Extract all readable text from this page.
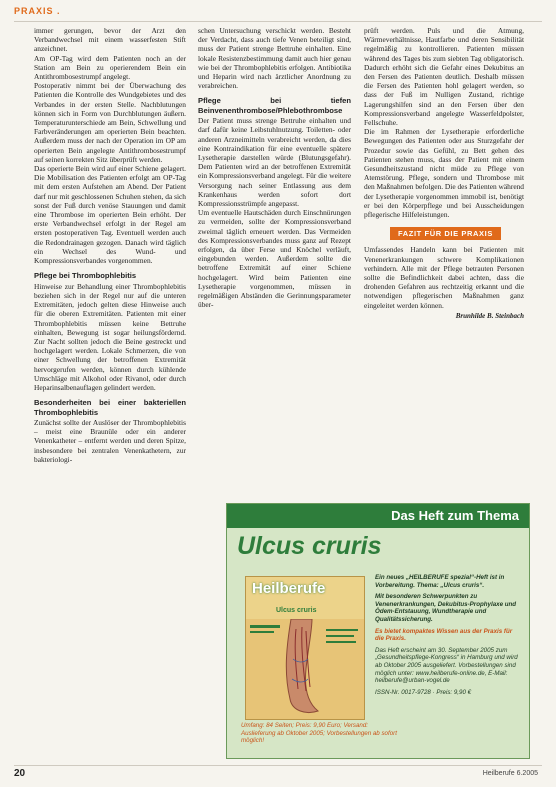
PRAXIS .

immer gerungen, bevor der Arzt den Verbandwechsel mit einem wasserfesten Stift anzeichnet.

Am OP-Tag wird dem Patienten noch an der Station am Bein zu operierendem Bein ein Antithrombosestrumpf angelegt.

Postoperativ nimmt bei der Überwachung des Patienten die Kontrolle des Wundgebietes und des Verbandes in der ersten Stelle. Nachblutungen können sich in Form von Durchblutungen äußern. Temperaturunterschiede am Bein, Schwellung und Farbveränderungen am operierten Bein beachten. Außerdem muss der nach der Operation im OP am operierten Bein angelegte Antithrombosestrumpf auf seinen korrekten Sitz überprüft werden.

Das operierte Bein wird auf einer Schiene gelagert. Die Mobilisation des Patienten erfolgt am OP-Tag mit dem ersten Aufstehen am Abend. Der Patient darf nur mit geschlossenen Schuhen stehen, da sich sonst der Fuß durch venöse Stauungen und damit eine Thrombose im operierten Bein erhöht. Der erste Verbandwechsel erfolgt in der Regel am ersten postoperativen Tag. Eventuell werden auch die Redondrainagen gezogen. Danach wird täglich ein Wechsel des Wund- und Kompressionsverbandes vorgenommen.

Pflege bei Thrombophlebitis

Hinweise zur Behandlung einer Thrombophlebitis beziehen sich in der Regel nur auf die unteren Extremitäten, jedoch gelten diese Hinweise auch für die oberen Extremitäten. Patienten mit einer Thrombophlebitis müssen keine Bettruhe einhalten, Bewegung ist sogar heilungsfördernd. Zur Nacht sollten jedoch die Beine gestreckt und hochgelagert werden. Lokale Schmerzen, die von einer Schwellung der betroffenen Extremität hervorgerufen werden, können durch kühlende Umschläge mit Alkohol oder Rivanol, oder durch Heparinsalbenauflagen gelindert werden.

Besonderheiten bei einer bakteriellen Thrombophlebitis

Zunächst sollte der Auslöser der Thrombophlebitis – meist eine Braunüle oder ein anderer Venenkatheter – entfernt werden und deren Spitze, insbesondere bei zentralen Venenkathetern, zur bakteriologi-

schen Untersuchung verschickt werden. Besteht der Verdacht, dass auch tiefe Venen beteiligt sind, muss der Patient strenge Bettruhe einhalten. Eine lokale Resistenzbestimmung damit auch hier genau wie bei der Thrombophlebitis erfolgen. Antibiotika und Heparin wird nach ärztlicher Anordnung zu verabreichen.

Pflege bei tiefen Beinvenenthrombose/Phlebothrombose

Der Patient muss strenge Bettruhe einhalten und darf dafür keine Leibstuhlnutzung. Toiletten- oder anderen Arzneimitteln verabreicht werden, da dies eine Kontraindikation für eine eventuelle spätere Lysetherapie darstellen würde (Blutungsgefahr). Dem Patienten wird an der betroffenen Extremität ein Kompressionsverband angelegt. Für die weitere Versorgung nach seiner Entlassung aus dem Krankenhaus werden sofort dort Kompressionsstrümpfe angepasst.

Um eventuelle Hautschäden durch Einschnürungen zu vermeiden, sollte der Kompressionsverband zweimal täglich erneuert werden. Das Vermeiden des Kompressionsverbandes muss ganz auf Rezept erfolgen, da über Ferse und Knöchel verläuft, eingebunden werden. Außerdem sollte die betroffene Extremität auf einer Schiene hochgelagert. Wird beim Patienten eine Lysetherapie vorgenommen, müssen in regelmäßigen Abständen die Gerinnungsparameter über-

prüft werden. Puls und die Atmung, Wärmeverhältnisse, Hautfarbe und deren Sensibilität regelmäßig zu kontrollieren. Patienten müssen während des Tages bis zum siebten Tag obligatorisch. Dadurch erhöht sich die Gefahr eines Dekubitus an den Fersen des Patienten deutlich. Deshalb müssen die Fersen des Patienten hohl gelagert werden, so dass der Fuß im Nulligen Zustand, richtige Lagerungshilfen sind an den Fersen über den Kompressionsverband angelegte Wasserfeldpolster, Fellschuhe.

Die im Rahmen der Lysetherapie erforderliche Bewegungen des Patienten oder aus Sturzgefahr der Prozedur sowie das Gefühl, zu Bett gehen des Patienten stehen muss, dass der Patient mit einem Gesundheitszustand nicht müde zu Pflege von Atemstörung. Pflege, sondern und Thrombose mit den Maßnahmen befolgen. Die des Patienten während der Lysetherapie vorgenommen immobil ist, benötigt er bei den Körperpflege und bei Ausscheidungen pflegerische Hilfeleistungen.

FAZIT FÜR DIE PRAXIS

Umfassendes Handeln kann bei Patienten mit Venenerkrankungen schwere Komplikationen verhindern. Alle mit der Pflege betrauten Personen sollte die Befindlichkeit dabei achten, dass die drohenden Gefahren aus rechtzeitig erkannt und die notwendigen pflegerischen Maßnahmen ganz eingeleitet werden können.

Brunhilde B. Steinbach

Das Heft zum Thema
Ulcus cruris
Heilberufe
Ulcus cruris

Ein neues „HEILBERUFE spezial“-Heft ist in Vorbereitung. Thema: „Ulcus cruris“.

Mit besonderen Schwerpunkten zu Venenerkrankungen, Dekubitus-Prophylaxe und Ödem-Entstauung, Wundtherapie und Qualitätssicherung.

Es bietet kompaktes Wissen aus der Praxis für die Praxis.

Das Heft erscheint am 30. September 2005 zum „Gesundheitspflege-Kongress“ in Hamburg und wird ab Oktober 2005 ausgeliefert. Vorbestellungen sind möglich unter: www.heilberufe-online.de, E-Mail: heilberufe@urban-vogel.de

ISSN-Nr. 0017-9728 · Preis: 9,90 €

Umfang: 84 Seiten; Preis: 9,90 Euro; Versand: Auslieferung ab Oktober 2005; Vorbestellungen ab sofort möglich!
20	Heilberufe 6.2005
